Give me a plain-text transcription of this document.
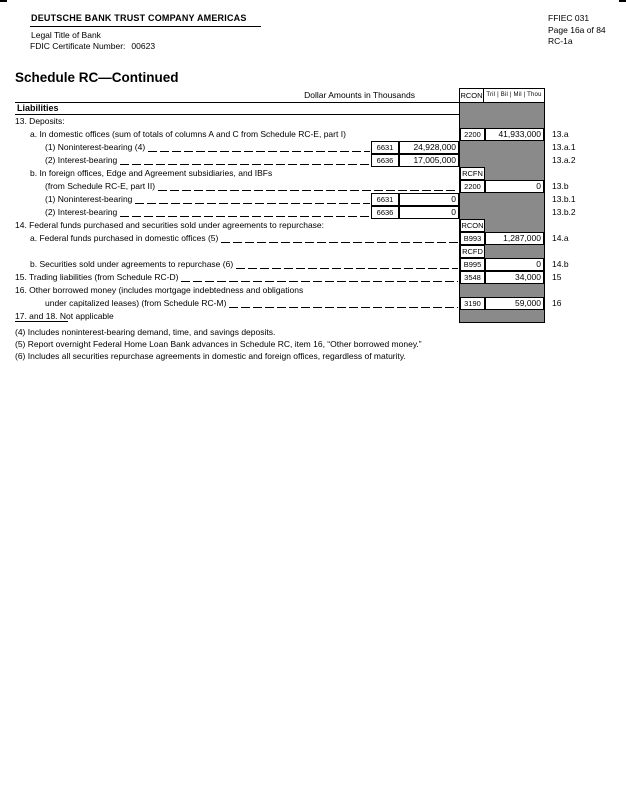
DEUTSCHE BANK TRUST COMPANY AMERICAS
Legal Title of Bank
FDIC Certificate Number: 00623
FFIEC 031
Page 16a of 84
RC-1a
Schedule RC—Continued
Dollar Amounts in Thousands	RCON Tril | Bil | Mil | Thou
Liabilities
13. Deposits:
a. In domestic offices (sum of totals of columns A and C from Schedule RC-E, part I)	2200	41,933,000	13.a
(1) Noninterest-bearing (4)	6631	24,928,000	13.a.1
(2) Interest-bearing	6636	17,005,000	13.a.2
b. In foreign offices, Edge and Agreement subsidiaries, and IBFs	RCFN
(from Schedule RC-E, part II)	2200	0	13.b
(1) Noninterest-bearing	6631	0	13.b.1
(2) Interest-bearing	6636	0	13.b.2
14. Federal funds purchased and securities sold under agreements to repurchase:	RCON
a. Federal funds purchased in domestic offices (5)	B993	1,287,000	14.a
RCFD
b. Securities sold under agreements to repurchase (6)	B995	0	14.b
15. Trading liabilities (from Schedule RC-D)	3548	34,000	15
16. Other borrowed money (includes mortgage indebtedness and obligations
under capitalized leases) (from Schedule RC-M)	3190	59,000	16
17. and 18. Not applicable
(4) Includes noninterest-bearing demand, time, and savings deposits.
(5) Report overnight Federal Home Loan Bank advances in Schedule RC, item 16, “Other borrowed money.”
(6) Includes all securities repurchase agreements in domestic and foreign offices, regardless of maturity.
